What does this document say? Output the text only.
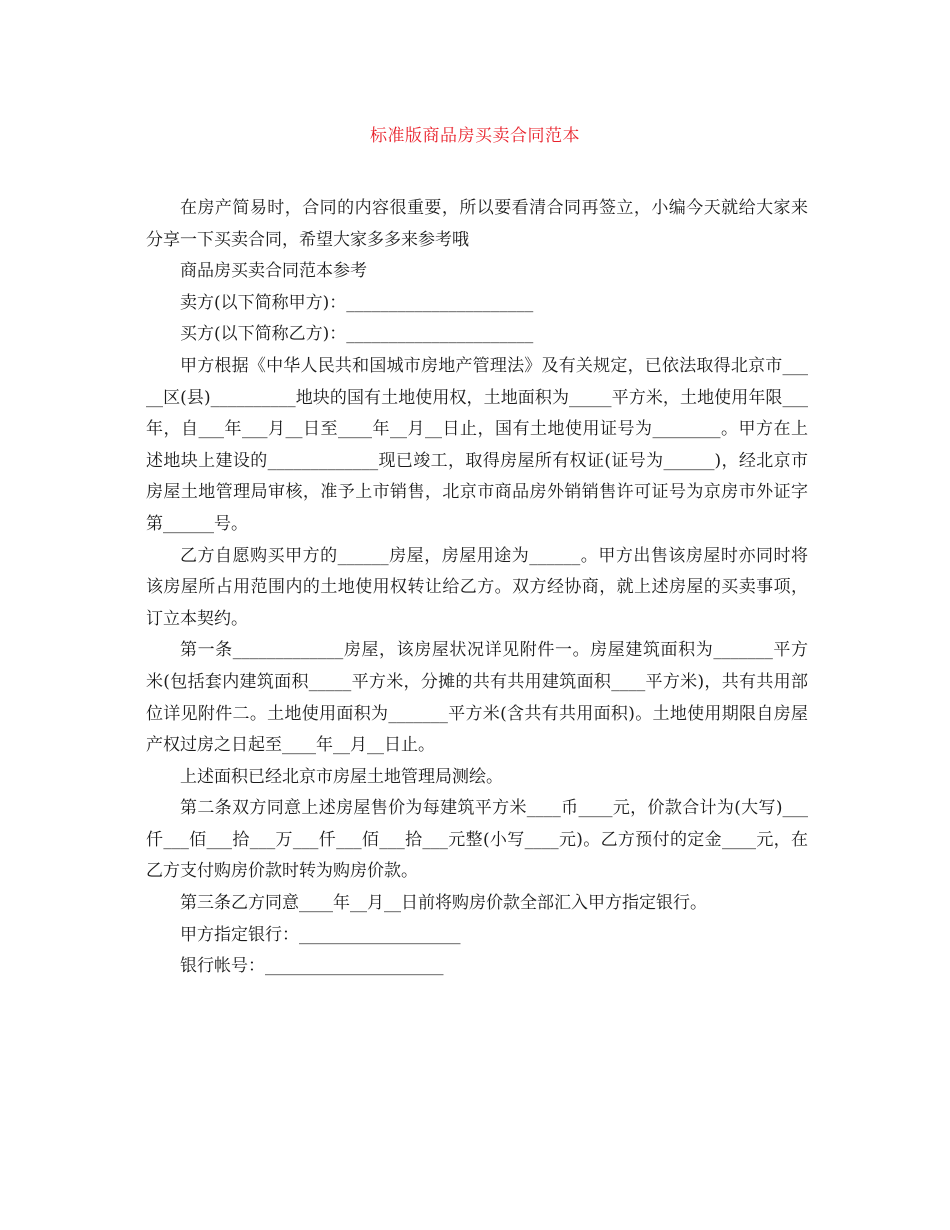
标准版商品房买卖合同范本

在房产简易时，合同的内容很重要，所以要看清合同再签立，小编今天就给大家来分享一下买卖合同，希望大家多多来参考哦

商品房买卖合同范本参考

卖方(以下简称甲方)：______________________

买方(以下简称乙方)：______________________

甲方根据《中华人民共和国城市房地产管理法》及有关规定，已依法取得北京市_____区(县)__________地块的国有土地使用权，土地面积为_____平方米，土地使用年限___年，自___年___月__日至____年__月__日止，国有土地使用证号为________。甲方在上述地块上建设的_____________现已竣工，取得房屋所有权证(证号为______)，经北京市房屋土地管理局审核，准予上市销售，北京市商品房外销销售许可证号为京房市外证字第______号。

乙方自愿购买甲方的______房屋，房屋用途为______。甲方出售该房屋时亦同时将该房屋所占用范围内的土地使用权转让给乙方。双方经协商，就上述房屋的买卖事项，订立本契约。

第一条_____________房屋，该房屋状况详见附件一。房屋建筑面积为_______平方米(包括套内建筑面积_____平方米，分摊的共有共用建筑面积____平方米)，共有共用部位详见附件二。土地使用面积为_______平方米(含共有共用面积)。土地使用期限自房屋产权过房之日起至____年__月__日止。

上述面积已经北京市房屋土地管理局测绘。

第二条双方同意上述房屋售价为每建筑平方米____币____元，价款合计为(大写)___仟___佰___拾___万___仟___佰___拾___元整(小写____元)。乙方预付的定金____元，在乙方支付购房价款时转为购房价款。

第三条乙方同意____年__月__日前将购房价款全部汇入甲方指定银行。

甲方指定银行：___________________

银行帐号：_____________________
